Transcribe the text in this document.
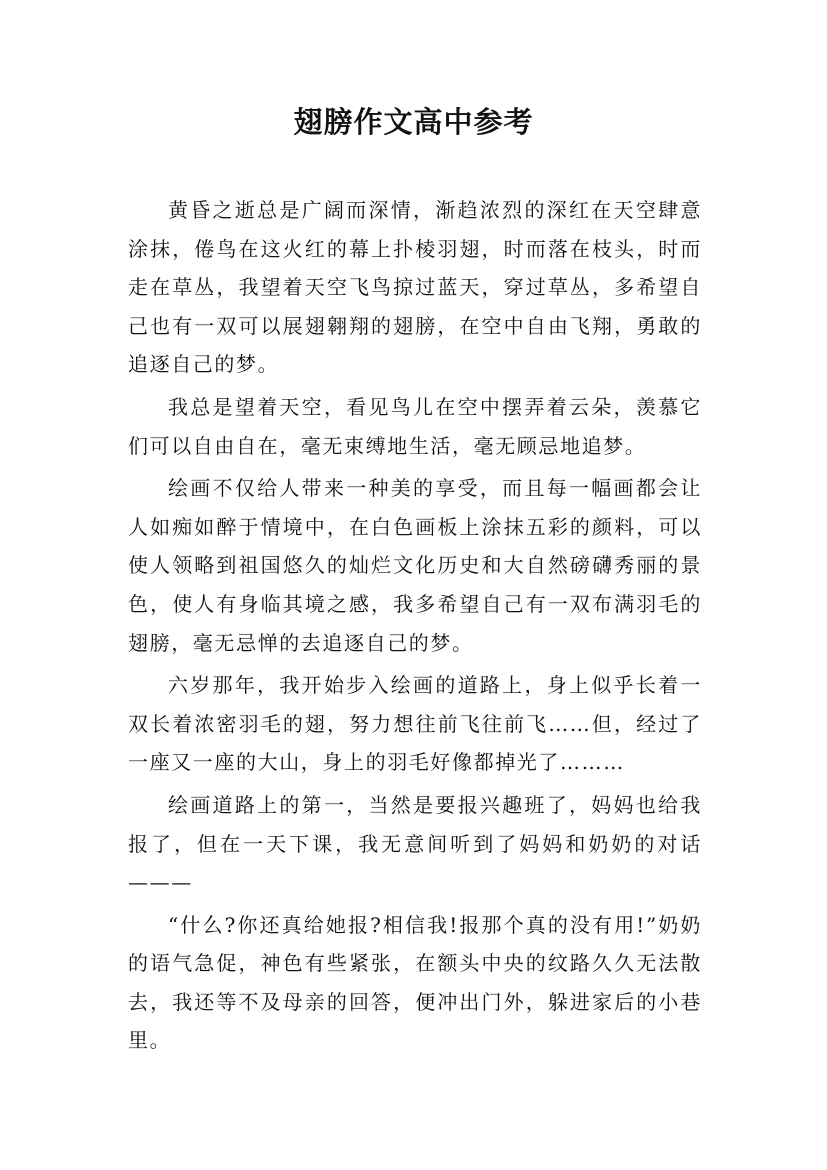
翅膀作文高中参考

黄昏之逝总是广阔而深情，渐趋浓烈的深红在天空肆意涂抹，倦鸟在这火红的幕上扑棱羽翅，时而落在枝头，时而走在草丛，我望着天空飞鸟掠过蓝天，穿过草丛，多希望自己也有一双可以展翅翱翔的翅膀，在空中自由飞翔，勇敢的追逐自己的梦。

我总是望着天空，看见鸟儿在空中摆弄着云朵，羡慕它们可以自由自在，毫无束缚地生活，毫无顾忌地追梦。

绘画不仅给人带来一种美的享受，而且每一幅画都会让人如痴如醉于情境中，在白色画板上涂抹五彩的颜料，可以使人领略到祖国悠久的灿烂文化历史和大自然磅礴秀丽的景色，使人有身临其境之感，我多希望自己有一双布满羽毛的翅膀，毫无忌惮的去追逐自己的梦。

六岁那年，我开始步入绘画的道路上，身上似乎长着一双长着浓密羽毛的翅，努力想往前飞往前飞……但，经过了一座又一座的大山，身上的羽毛好像都掉光了………

绘画道路上的第一，当然是要报兴趣班了，妈妈也给我报了，但在一天下课，我无意间听到了妈妈和奶奶的对话———

“什么?你还真给她报?相信我!报那个真的没有用!”奶奶的语气急促，神色有些紧张，在额头中央的纹路久久无法散去，我还等不及母亲的回答，便冲出门外，躲进家后的小巷里。
